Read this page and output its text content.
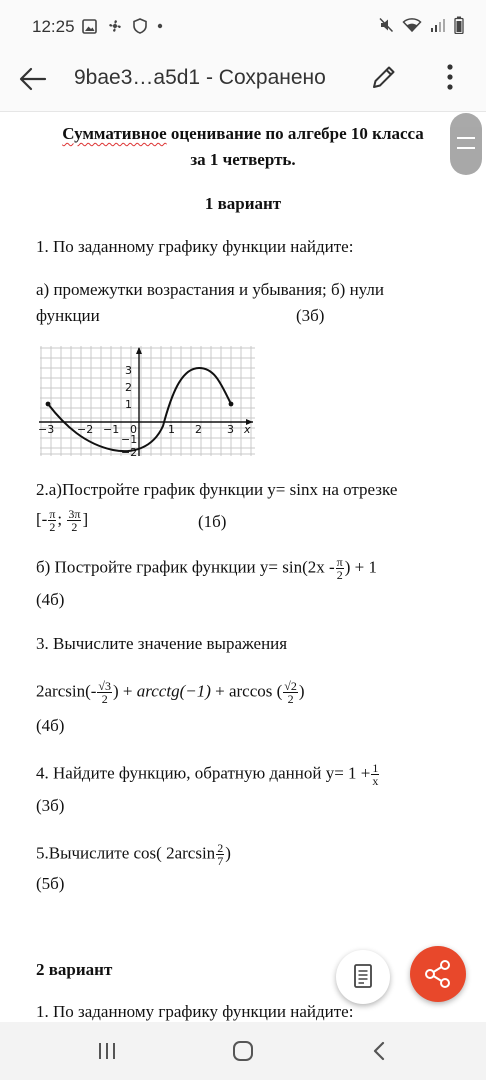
12:25
9bae3…a5d1 - Сохранено
Суммативное оценивание по алгебре 10 класса
за 1 четверть.
1 вариант
1. По заданному графику функции найдите:
а) промежутки возрастания и убывания; б) нули
функции	(3б)
−3 −2 −1 0	1 2 3 x
3
2
1
−1
−2
2.а)Постройте график функции y= sinx на отрезке
[- $\frac{\pi}{2}$ ; $\frac{3\pi}{2}$ ]	(1б)
б) Постройте график функции $y= \sin(2x - \frac{\pi}{2}$ ) + 1
(4б)
3. Вычислите значение выражения
$2\arcsin(- \frac{√3}{2}$ ) + arcctg(−1) + arccos ( $\frac{√2}{2}$ )
(4б)
4. Найдите функцию, обратную данной $y= 1 + \frac{1}{x}$
(3б)
5.Вычислите cos( $2\arcsin \frac{2}{7}$ )
(5б)
2 вариант
1. По заданному графику функции найдите:
